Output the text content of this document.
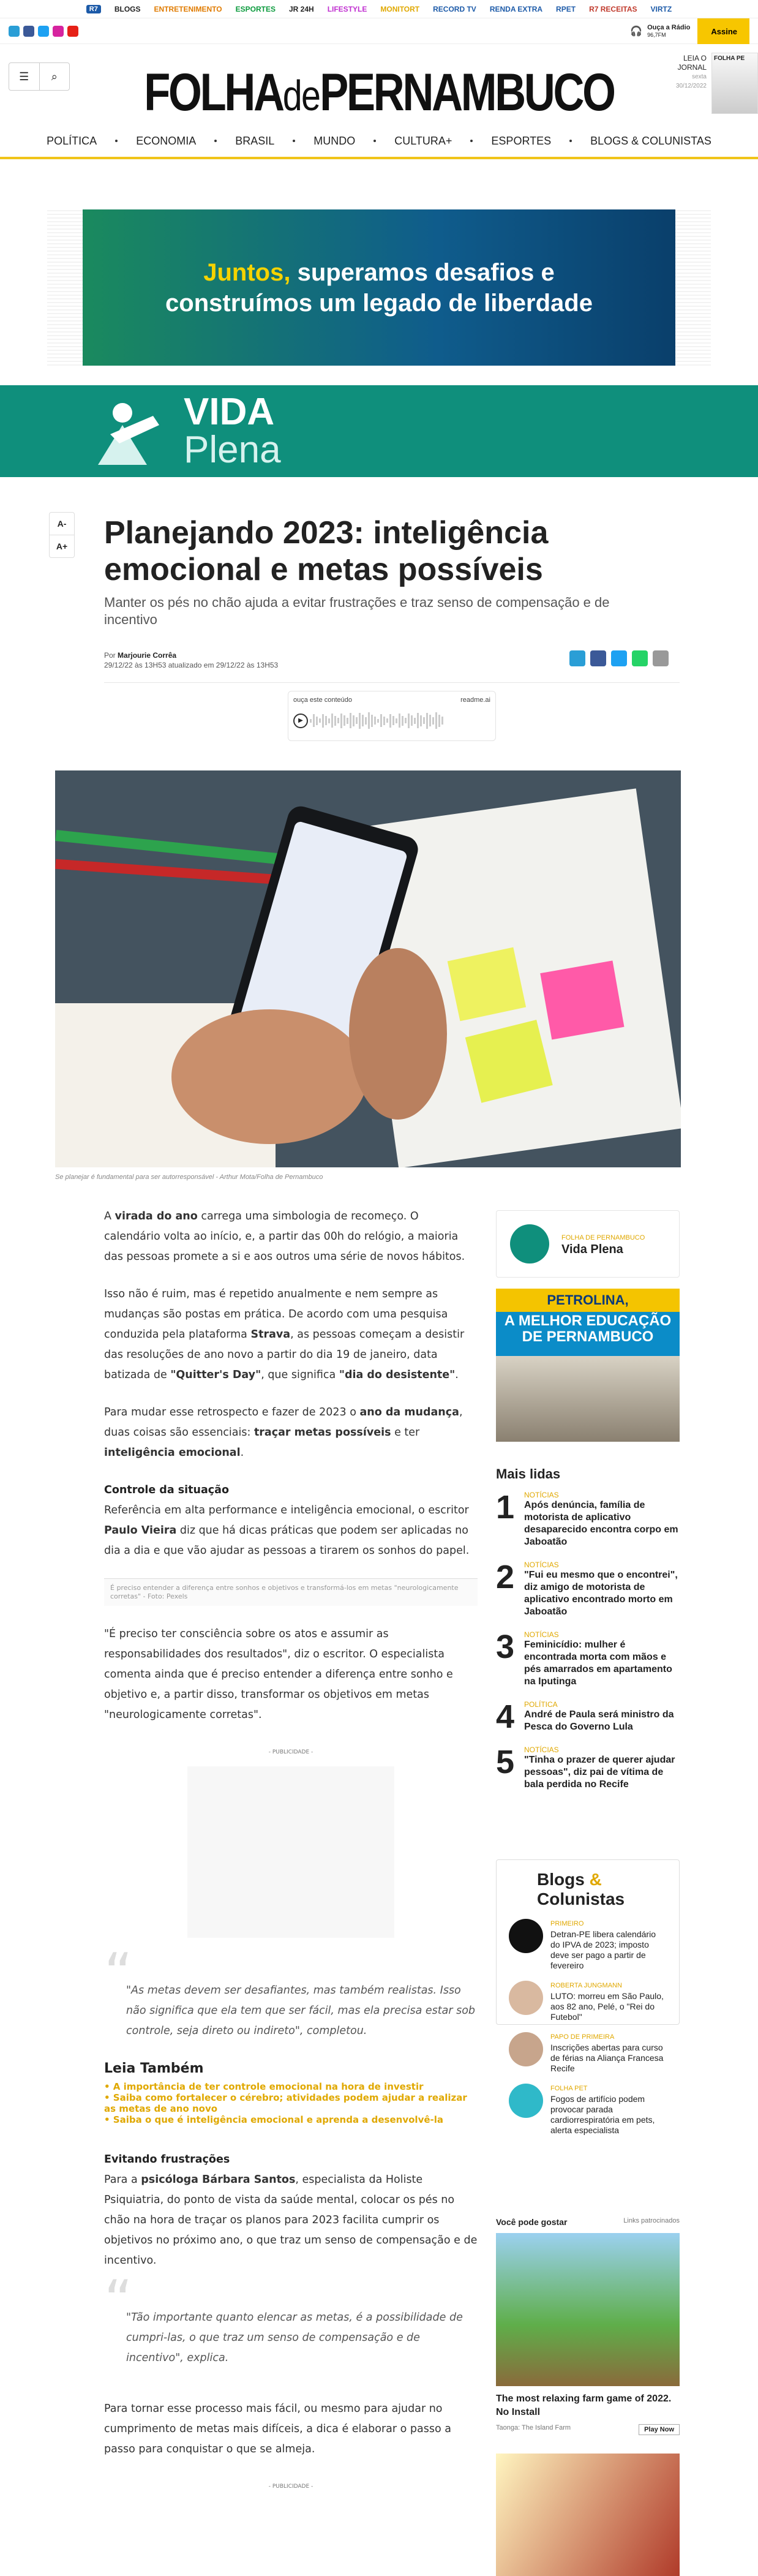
R7	BLOGS ENTRETENIMENTO ESPORTES JR 24H LIFESTYLE MONITORT RECORD TV RENDA EXTRA RPET R7 RECEITAS VIRTZ
🎧 Ouça a Rádio
96,7FM	Assine
☰	⌕	FOLHAdePERNAMBUCO
LEIA O JORNAL
sexta
30/12/2022
FOLHA PE
POLÍTICA	ECONOMIA	BRASIL	MUNDO	CULTURA+	ESPORTES	BLOGS & COLUNISTAS
Juntos, superamos desafios e
construímos um legado de liberdade
VIDA
Plena
A-
A+ Planejando 2023: inteligência emocional e metas possíveis

Manter os pés no chão ajuda a evitar frustrações e traz senso de compensação e de incentivo

Por Marjourie Corrêa
29/12/22 às 13H53 atualizado em 29/12/22 às 13H53
ouça este conteúdo	readme.ai
▶
Se planejar é fundamental para ser autorresponsável - Arthur Mota/Folha de Pernambuco

A virada do ano carrega uma simbologia de recomeço. O calendário volta ao início, e, a partir das 00h do relógio, a maioria das pessoas promete a si e aos outros uma série de novos hábitos.

Isso não é ruim, mas é repetido anualmente e nem sempre as mudanças são postas em prática. De acordo com uma pesquisa conduzida pela plataforma Strava, as pessoas começam a desistir das resoluções de ano novo a partir do dia 19 de janeiro, data batizada de "Quitter's Day", que significa "dia do desistente".

Para mudar esse retrospecto e fazer de 2023 o ano da mudança, duas coisas são essenciais: traçar metas possíveis e ter inteligência emocional.

Controle da situação

Referência em alta performance e inteligência emocional, o escritor Paulo Vieira diz que há dicas práticas que podem ser aplicadas no dia a dia e que vão ajudar as pessoas a tirarem os sonhos do papel.

É preciso entender a diferença entre sonhos e objetivos e transformá-los em metas "neurologicamente corretas" - Foto: Pexels

"É preciso ter consciência sobre os atos e assumir as responsabilidades dos resultados", diz o escritor. O especialista comenta ainda que é preciso entender a diferença entre sonho e objetivo e, a partir disso, transformar os objetivos em metas "neurologicamente corretas".

- PUBLICIDADE -

“ "As metas devem ser desafiantes, mas também realistas. Isso não significa que ela tem que ser fácil, mas ela precisa estar sob controle, seja direto ou indireto", completou.

Leia Também
• A importância de ter controle emocional na hora de investir
• Saiba como fortalecer o cérebro; atividades podem ajudar a realizar as metas de ano novo
• Saiba o que é inteligência emocional e aprenda a desenvolvê-la

Evitando frustrações

Para a psicóloga Bárbara Santos, especialista da Holiste Psiquiatria, do ponto de vista da saúde mental, colocar os pés no chão na hora de traçar os planos para 2023 facilita cumprir os objetivos no próximo ano, o que traz um senso de compensação e de incentivo.

“ "Tão importante quanto elencar as metas, é a possibilidade de cumpri-las, o que traz um senso de compensação e de incentivo", explica.

Para tornar esse processo mais fácil, ou mesmo para ajudar no cumprimento de metas mais difíceis, a dica é elaborar o passo a passo para conquistar o que se almeja.

- PUBLICIDADE -
FOLHA DE PERNAMBUCO
Vida Plena
PETROLINA,
A MELHOR EDUCAÇÃO DE PERNAMBUCO
Mais lidas
1	NOTÍCIAS
Após denúncia, família de motorista de aplicativo desaparecido encontra corpo em Jaboatão
2	NOTÍCIAS
"Fui eu mesmo que o encontrei", diz amigo de motorista de aplicativo encontrado morto em Jaboatão
3	NOTÍCIAS
Feminicídio: mulher é encontrada morta com mãos e pés amarrados em apartamento na Iputinga
4	POLÍTICA
André de Paula será ministro da Pesca do Governo Lula
5	NOTÍCIAS
"Tinha o prazer de querer ajudar pessoas", diz pai de vítima de bala perdida no Recife
Blogs &
Colunistas
PRIMEIRO
Detran-PE libera calendário do IPVA de 2023; imposto deve ser pago a partir de fevereiro
ROBERTA JUNGMANN
LUTO: morreu em São Paulo, aos 82 ano, Pelé, o "Rei do Futebol"
PAPO DE PRIMEIRA
Inscrições abertas para curso de férias na Aliança Francesa Recife
FOLHA PET
Fogos de artifício podem provocar parada cardiorrespiratória em pets, alerta especialista
Você pode gostar	Links patrocinados
The most relaxing farm game of 2022. No Install
Taonga: The Island Farm	Play Now
